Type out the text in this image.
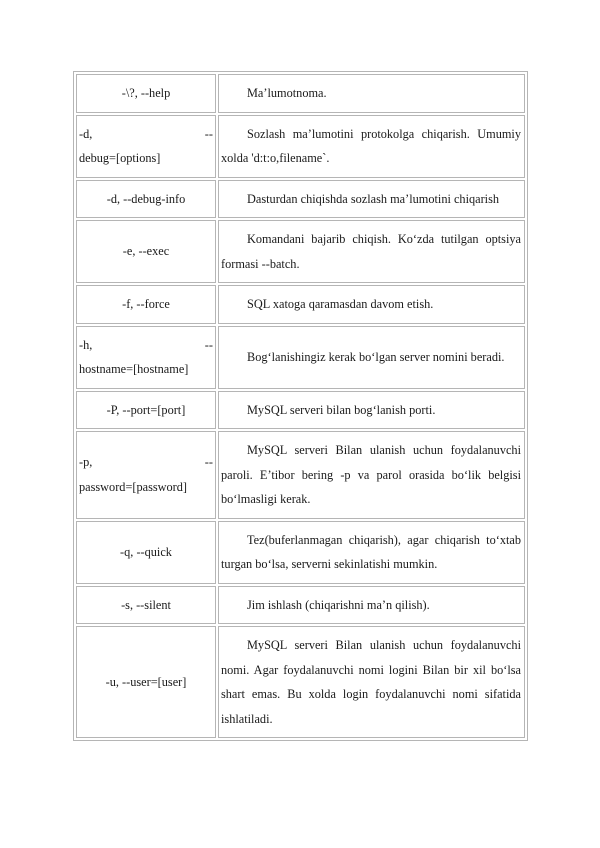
-\?, --help	Ma’lumotnoma.

-d, --
debug=[options]	Sozlash ma’lumotini protokolga chiqarish. Umumiy xolda 'd:t:o,filename`.

-d, --debug-info	Dasturdan chiqishda sozlash ma’lumotini chiqarish

-e, --exec	Komandani bajarib chiqish. Ko‘zda tutilgan optsiya formasi --batch.

-f, --force	SQL xatoga qaramasdan davom etish.

-h, --
hostname=[hostname]	Bog‘lanishingiz kerak bo‘lgan server nomini beradi.

-P, --port=[port]	MySQL serveri bilan bog‘lanish porti.

-p, --
password=[password]	MySQL serveri Bilan ulanish uchun foydalanuvchi paroli. E’tibor bering -p va parol orasida bo‘lik belgisi bo‘lmasligi kerak.

-q, --quick	Tez(buferlanmagan chiqarish), agar chiqarish to‘xtab turgan bo‘lsa, serverni sekinlatishi mumkin.

-s, --silent	Jim ishlash (chiqarishni ma’n qilish).

-u, --user=[user]	MySQL serveri Bilan ulanish uchun foydalanuvchi nomi. Agar foydalanuvchi nomi logini Bilan bir xil bo‘lsa shart emas. Bu xolda login foydalanuvchi nomi sifatida ishlatiladi.
